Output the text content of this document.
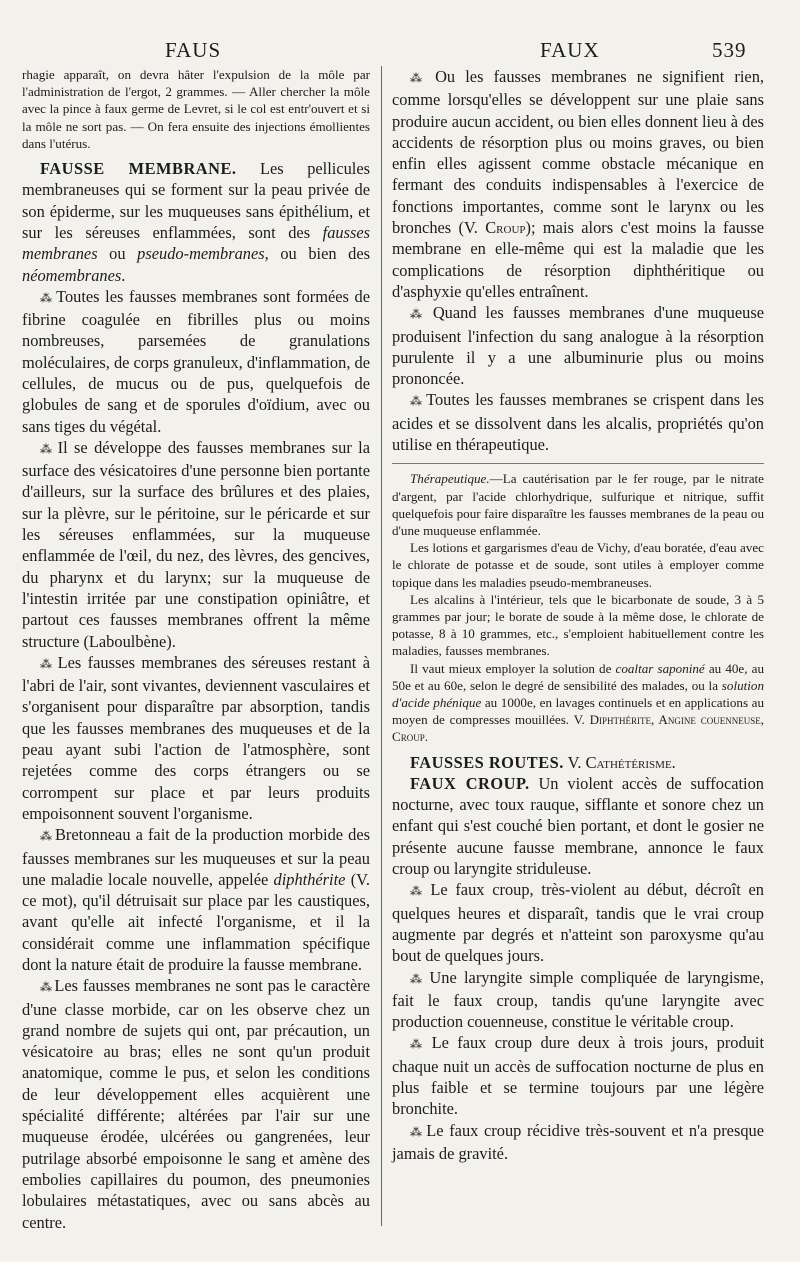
FAUS	FAUX	539

rhagie apparaît, on devra hâter l'expulsion de la môle par l'administration de l'ergot, 2 grammes. — Aller chercher la môle avec la pince à faux germe de Levret, si le col est entr'ouvert et si la môle ne sort pas. — On fera ensuite des injections émollientes dans l'utérus.

FAUSSE MEMBRANE. Les pellicules membraneuses qui se forment sur la peau privée de son épiderme, sur les muqueuses sans épithélium, et sur les séreuses enflammées, sont des fausses membranes ou pseudo-membranes, ou bien des néomembranes.

⁂ Toutes les fausses membranes sont formées de fibrine coagulée en fibrilles plus ou moins nombreuses, parsemées de granulations moléculaires, de corps granuleux, d'inflammation, de cellules, de mucus ou de pus, quelquefois de globules de sang et de sporules d'oïdium, avec ou sans tiges du végétal.

⁂ Il se développe des fausses membranes sur la surface des vésicatoires d'une personne bien portante d'ailleurs, sur la surface des brûlures et des plaies, sur la plèvre, sur le péritoine, sur le péricarde et sur les séreuses enflammées, sur la muqueuse enflammée de l'œil, du nez, des lèvres, des gencives, du pharynx et du larynx; sur la muqueuse de l'intestin irritée par une constipation opiniâtre, et partout ces fausses membranes offrent la même structure (Laboulbène).

⁂ Les fausses membranes des séreuses restant à l'abri de l'air, sont vivantes, deviennent vasculaires et s'organisent pour disparaître par absorption, tandis que les fausses membranes des muqueuses et de la peau ayant subi l'action de l'atmosphère, sont rejetées comme des corps étrangers ou se corrompent sur place et par leurs produits empoisonnent souvent l'organisme.

⁂ Bretonneau a fait de la production morbide des fausses membranes sur les muqueuses et sur la peau une maladie locale nouvelle, appelée diphthérite (V. ce mot), qu'il détruisait sur place par les caustiques, avant qu'elle ait infecté l'organisme, et il la considérait comme une inflammation spécifique dont la nature était de produire la fausse membrane.

⁂ Les fausses membranes ne sont pas le caractère d'une classe morbide, car on les observe chez un grand nombre de sujets qui ont, par précaution, un vésicatoire au bras; elles ne sont qu'un produit anatomique, comme le pus, et selon les conditions de leur développement elles acquièrent une spécialité différente; altérées par l'air sur une muqueuse érodée, ulcérées ou gangrenées, leur putrilage absorbé empoisonne le sang et amène des embolies capillaires du poumon, des pneumonies lobulaires métastatiques, avec ou sans abcès au centre.

⁂ Ou les fausses membranes ne signifient rien, comme lorsqu'elles se développent sur une plaie sans produire aucun accident, ou bien elles donnent lieu à des accidents de résorption plus ou moins graves, ou bien enfin elles agissent comme obstacle mécanique en fermant des conduits indispensables à l'exercice de fonctions importantes, comme sont le larynx ou les bronches (V. Croup); mais alors c'est moins la fausse membrane en elle-même qui est la maladie que les complications de résorption diphthéritique ou d'asphyxie qu'elles entraînent.

⁂ Quand les fausses membranes d'une muqueuse produisent l'infection du sang analogue à la résorption purulente il y a une albuminurie plus ou moins prononcée.

⁂ Toutes les fausses membranes se crispent dans les acides et se dissolvent dans les alcalis, propriétés qu'on utilise en thérapeutique.

Thérapeutique.—La cautérisation par le fer rouge, par le nitrate d'argent, par l'acide chlorhydrique, sulfurique et nitrique, suffit quelquefois pour faire disparaître les fausses membranes de la peau ou d'une muqueuse enflammée.

Les lotions et gargarismes d'eau de Vichy, d'eau boratée, d'eau avec le chlorate de potasse et de soude, sont utiles à employer comme topique dans les maladies pseudo-membraneuses.

Les alcalins à l'intérieur, tels que le bicarbonate de soude, 3 à 5 grammes par jour; le borate de soude à la même dose, le chlorate de potasse, 8 à 10 grammes, etc., s'emploient habituellement contre les maladies, fausses membranes.

Il vaut mieux employer la solution de coaltar saponiné au 40e, au 50e et au 60e, selon le degré de sensibilité des malades, ou la solution d'acide phénique au 1000e, en lavages continuels et en applications au moyen de compresses mouillées. V. Diphthérite, Angine couenneuse, Croup.

FAUSSES ROUTES. V. Cathétérisme.

FAUX CROUP. Un violent accès de suffocation nocturne, avec toux rauque, sifflante et sonore chez un enfant qui s'est couché bien portant, et dont le gosier ne présente aucune fausse membrane, annonce le faux croup ou laryngite striduleuse.

⁂ Le faux croup, très-violent au début, décroît en quelques heures et disparaît, tandis que le vrai croup augmente par degrés et n'atteint son paroxysme qu'au bout de quelques jours.

⁂ Une laryngite simple compliquée de laryngisme, fait le faux croup, tandis qu'une laryngite avec production couenneuse, constitue le véritable croup.

⁂ Le faux croup dure deux à trois jours, produit chaque nuit un accès de suffocation nocturne de plus en plus faible et se termine toujours par une légère bronchite.

⁂ Le faux croup récidive très-souvent et n'a presque jamais de gravité.
